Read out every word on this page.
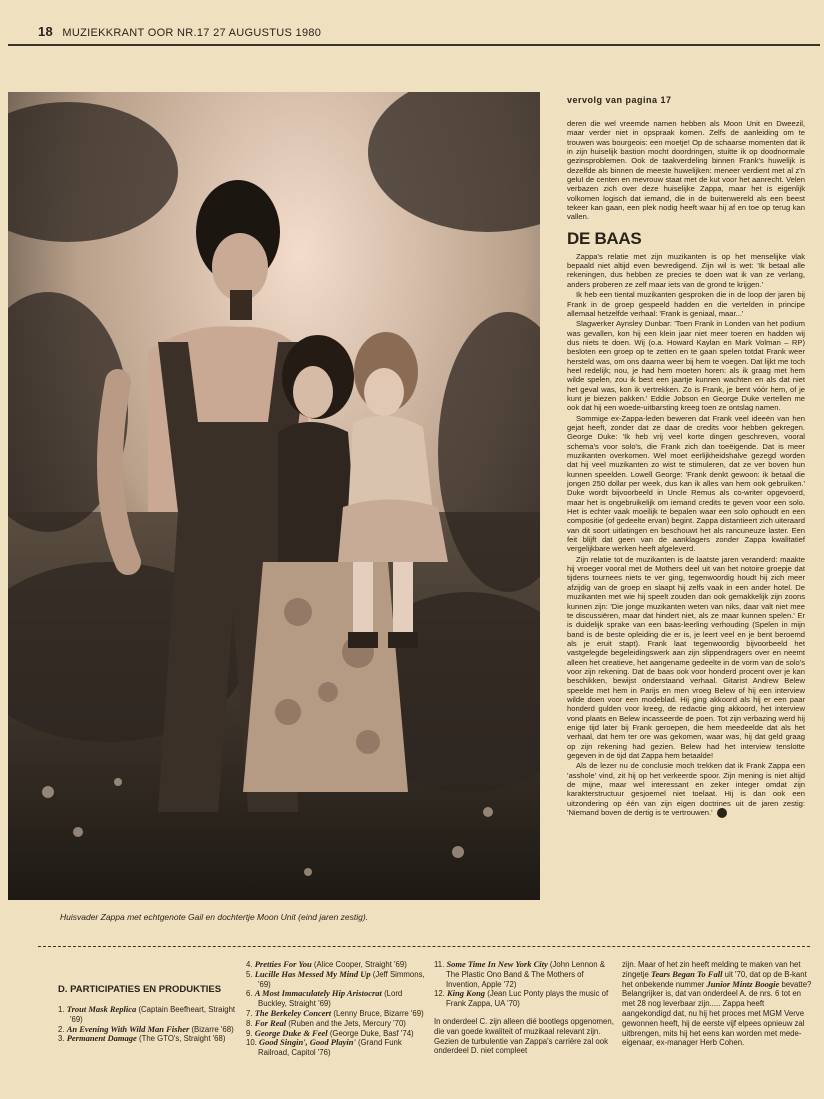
18 MUZIEKKRANT OOR NR.17 27 AUGUSTUS 1980
Huisvader Zappa met echtgenote Gail en dochtertje Moon Unit (eind jaren zestig).
vervolg van pagina 17

deren die wel vreemde namen hebben als Moon Unit en Dweezil, maar verder niet in opspraak komen. Zelfs de aanleiding om te trouwen was bourgeois: een moetje! Op de schaarse momenten dat ik in zijn huiselijk bastion mocht doordringen, stuitte ik op doodnormale gezinsproblemen. Ook de taakverdeling binnen Frank's huwelijk is dezelfde als binnen de meeste huwelijken: meneer verdient met al z'n geluI de centen en mevrouw staat met de kut voor het aanrecht. Velen verbazen zich over deze huiselijke Zappa, maar het is eigenlijk volkomen logisch dat iemand, die in de buitenwereld als een beest tekeer kan gaan, een plek nodig heeft waar hij af en toe op terug kan vallen.

DE BAAS

Zappa's relatie met zijn muzikanten is op het menselijke vlak bepaald niet altijd even bevredigend. Zijn wil is wet: 'Ik betaal alle rekeningen, dus hebben ze precies te doen wat ik van ze verlang, anders proberen ze zelf maar iets van de grond te krijgen.'

Ik heb een tiental muzikanten gesproken die in de loop der jaren bij Frank in de groep gespeeld hadden en die vertelden in principe allemaal hetzelfde verhaal: 'Frank is geniaal, maar...'

Slagwerker Aynsley Dunbar: 'Toen Frank in Londen van het podium was gevallen, kon hij een klein jaar niet meer toeren en hadden wij dus niets te doen. Wij (o.a. Howard Kaylan en Mark Volman – RP) besloten een groep op te zetten en te gaan spelen totdat Frank weer hersteld was, om ons daarna weer bij hem te voegen. Dat lijkt me toch heel redelijk; nou, je had hem moeten horen: als ik graag met hem wilde spelen, zou ik best een jaartje kunnen wachten en als dat niet het geval was, kon ik vertrekken. Zo is Frank, je bent vóór hem, of je kunt je biezen pakken.' Eddie Jobson en George Duke vertellen me ook dat hij een woede-uitbarsting kreeg toen ze ontslag namen.

Sommige ex-Zappa-leden beweren dat Frank veel ideeën van hen gejat heeft, zonder dat ze daar de credits voor hebben gekregen. George Duke: 'Ik heb vrij veel korte dingen geschreven, vooral schema's voor solo's, die Frank zich dan toeëigende. Dat is meer muzikanten overkomen. Wel moet eerlijkheidshalve gezegd worden dat hij veel muzikanten zo wist te stimuleren, dat ze ver boven hun kunnen speelden. Lowell George: 'Frank denkt gewoon: ik betaal die jongen 250 dollar per week, dus kan ik alles van hem ook gebruiken.' Duke wordt bijvoorbeeld in Uncle Remus als co-writer opgevoerd, maar het is ongebruikelijk om iemand credits te geven voor een solo. Het is echter vaak moeilijk te bepalen waar een solo ophoudt en een compositie (of gedeelte ervan) begint. Zappa distantieert zich uiteraard van dit soort uitlatingen en beschouwt het als rancuneuze laster. Een feit blijft dat geen van de aanklagers zonder Zappa kwalitatief vergelijkbare werken heeft afgeleverd.

Zijn relatie tot de muzikanten is de laatste jaren veranderd: maakte hij vroeger vooral met de Mothers deel uit van het notoire groepje dat tijdens tournees niets te ver ging, tegenwoordig houdt hij zich meer afzijdig van de groep en slaapt hij zelfs vaak in een ander hotel. De muzikanten met wie hij speelt zouden dan ook gemakkelijk zijn zoons kunnen zijn: 'Die jonge muzikanten weten van niks, daar valt niet mee te discussiëren, maar dat hindert niet, als ze maar kunnen spelen.' Er is duidelijk sprake van een baas-leerling verhouding (Spelen in mijn band is de beste opleiding die er is, je leert veel en je bent beroemd als je eruit stapt). Frank laat tegenwoordig bijvoorbeeld het vastgelegde begeleidingswerk aan zijn slippendragers over en neemt alleen het creatieve, het aangename gedeelte in de vorm van de solo's voor zijn rekening. Dat de baas ook voor honderd procent over je kan beschikken, bewijst onderstaand verhaal. Gitarist Andrew Belew speelde met hem in Parijs en men vroeg Belew of hij een interview wilde doen voor een modeblad. Hij ging akkoord als hij er een paar honderd gulden voor kreeg, de redactie ging akkoord, het interview vond plaats en Belew incasseerde de poen. Tot zijn verbazing werd hij enige tijd later bij Frank geroepen, die hem meedeelde dat als het verhaal, dat hem ter ore was gekomen, waar was, hij dat geld graag op zijn rekening had gezien. Belew had het interview tenslotte gegeven in de tijd dat Zappa hem betaalde!

Als de lezer nu de conclusie moch trekken dat ik Frank Zappa een 'asshole' vind, zit hij op het verkeerde spoor. Zijn mening is niet altijd de mijne, maar wel interessant en zeker integer omdat zijn karakterstructuur gesjoemel niet toelaat. Hij is dan ook een uitzondering op één van zijn eigen doctrines uit de jaren zestig: 'Niemand boven de dertig is te vertrouwen.'

D. PARTICIPATIES EN PRODUKTIES
1. Trout Mask Replica (Captain Beefheart, Straight '69)
2. An Evening With Wild Man Fisher (Bizarre '68)
3. Permanent Damage (The GTO's, Straight '68)
4. Pretties For You (Alice Cooper, Straight '69)
5. Lucille Has Messed My Mind Up (Jeff Simmons, '69)
6. A Most Immaculately Hip Aristocrat (Lord Buckley, Straight '69)
7. The Berkeley Concert (Lenny Bruce, Bizarre '69)
8. For Real (Ruben and the Jets, Mercury '70)
9. George Duke & Feel (George Duke, Basf '74)
10. Good Singin', Good Playin' (Grand Funk Railroad, Capitol '76)
11. Some Time In New York City (John Lennon & The Plastic Ono Band & The Mothers of Invention, Apple '72)
12. King Kong (Jean Luc Ponty plays the music of Frank Zappa, UA '70)
In onderdeel C. zijn alleen dié bootlegs opgenomen, die van goede kwaliteit of muzikaal relevant zijn. Gezien de turbulentie van Zappa's carrière zal ook onderdeel D. niet compleet
zijn. Maar of het zin heeft melding te maken van het zingetje Tears Began To Fall uit '70, dat op de B-kant het onbekende nummer Junior Mintz Boogie bevatte? Belangrijker is, dat van onderdeel A. de nrs. 6 tot en met 28 nog leverbaar zijn..... Zappa heeft aangekondigd dat, nu hij het proces met MGM Verve gewonnen heeft, hij de eerste vijf elpees opnieuw zal uitbrengen, mits hij het eens kan worden met mede-eigenaar, ex-manager Herb Cohen.
